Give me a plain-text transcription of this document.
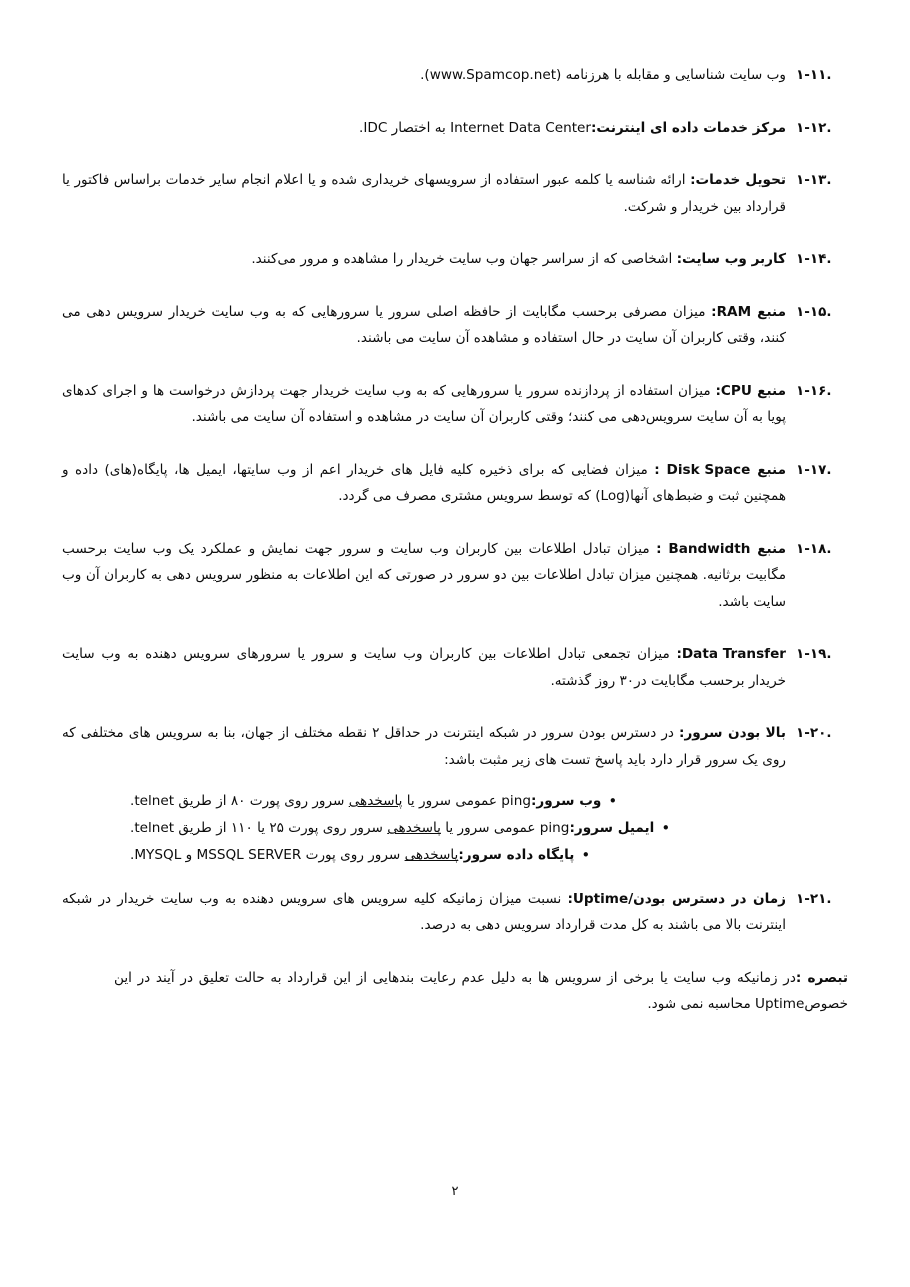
۱-۱۱.
وب سایت شناسایی و مقابله با هرزنامه (www.Spamcop.net).
۱-۱۲.
مرکز خدمات داده ای اینترنت:Internet Data Center به اختصار IDC.
۱-۱۳.
تحویل خدمات: ارائه شناسه یا کلمه عبور استفاده از سرویسهای خریداری شده و یا اعلام انجام سایر خدمات براساس فاکتور یا قرارداد بین خریدار و شرکت.
۱-۱۴.
کاربر وب سایت: اشخاصی که از سراسر جهان وب سایت خریدار را مشاهده و مرور می‌کنند.
۱-۱۵.
منبع RAM: میزان مصرفی برحسب مگابایت از حافظه اصلی سرور یا سرورهایی که به وب سایت خریدار سرویس دهی می کنند، وقتی کاربران آن سایت در حال استفاده و مشاهده آن سایت می باشند.
۱-۱۶.
منبع CPU: میزان استفاده از پردازنده سرور یا سرورهایی که به وب سایت خریدار جهت پردازش درخواست ها و اجرای کدهای پویا به آن سایت سرویس‌دهی می کنند؛ وقتی کاربران آن سایت در مشاهده و استفاده آن سایت می باشند.
۱-۱۷.
منبع Disk Space : میزان فضایی که برای ذخیره کلیه فایل های خریدار اعم از وب سایتها، ایمیل ها، پایگاه(های) داده و همچنین ثبت و ضبط‌های آنها(Log) که توسط سرویس مشتری مصرف می گردد.
۱-۱۸.
منبع Bandwidth : میزان تبادل اطلاعات بین کاربران وب سایت و سرور جهت نمایش و عملکرد یک وب سایت برحسب مگابیت برثانیه. همچنین میزان تبادل اطلاعات بین دو سرور در صورتی که این اطلاعات به منظور سرویس دهی به کاربران آن وب سایت باشد.
۱-۱۹.
Data Transfer: میزان تجمعی تبادل اطلاعات بین کاربران وب سایت و سرور یا سرورهای سرویس دهنده به وب سایت خریدار برحسب مگابایت در۳۰ روز گذشته.
۱-۲۰.
بالا بودن سرور: در دسترس بودن سرور در شبکه اینترنت در حداقل ۲ نقطه مختلف از جهان، بنا به سرویس های مختلفی که روی یک سرور قرار دارد باید پاسخ تست های زیر مثبت باشد:
•وب سرور:ping عمومی سرور یا پاسخدهی سرور روی پورت ۸۰ از طریق telnet.
•ایمیل سرور:ping عمومی سرور یا پاسخدهی سرور روی پورت ۲۵ یا ۱۱۰ از طریق telnet.
•پایگاه داده سرور:پاسخدهی سرور روی پورت MSSQL SERVER و MYSQL.
۱-۲۱.
زمان در دسترس بودن/Uptime: نسبت میزان زمانیکه کلیه سرویس های سرویس دهنده به وب سایت خریدار در شبکه اینترنت بالا می باشند به کل مدت قرارداد سرویس دهی به درصد.
تبصره :در زمانیکه وب سایت یا برخی از سرویس ها به دلیل عدم رعایت بندهایی از این قرارداد به حالت تعلیق در آیند در این خصوصUptime محاسبه نمی شود.
۲
